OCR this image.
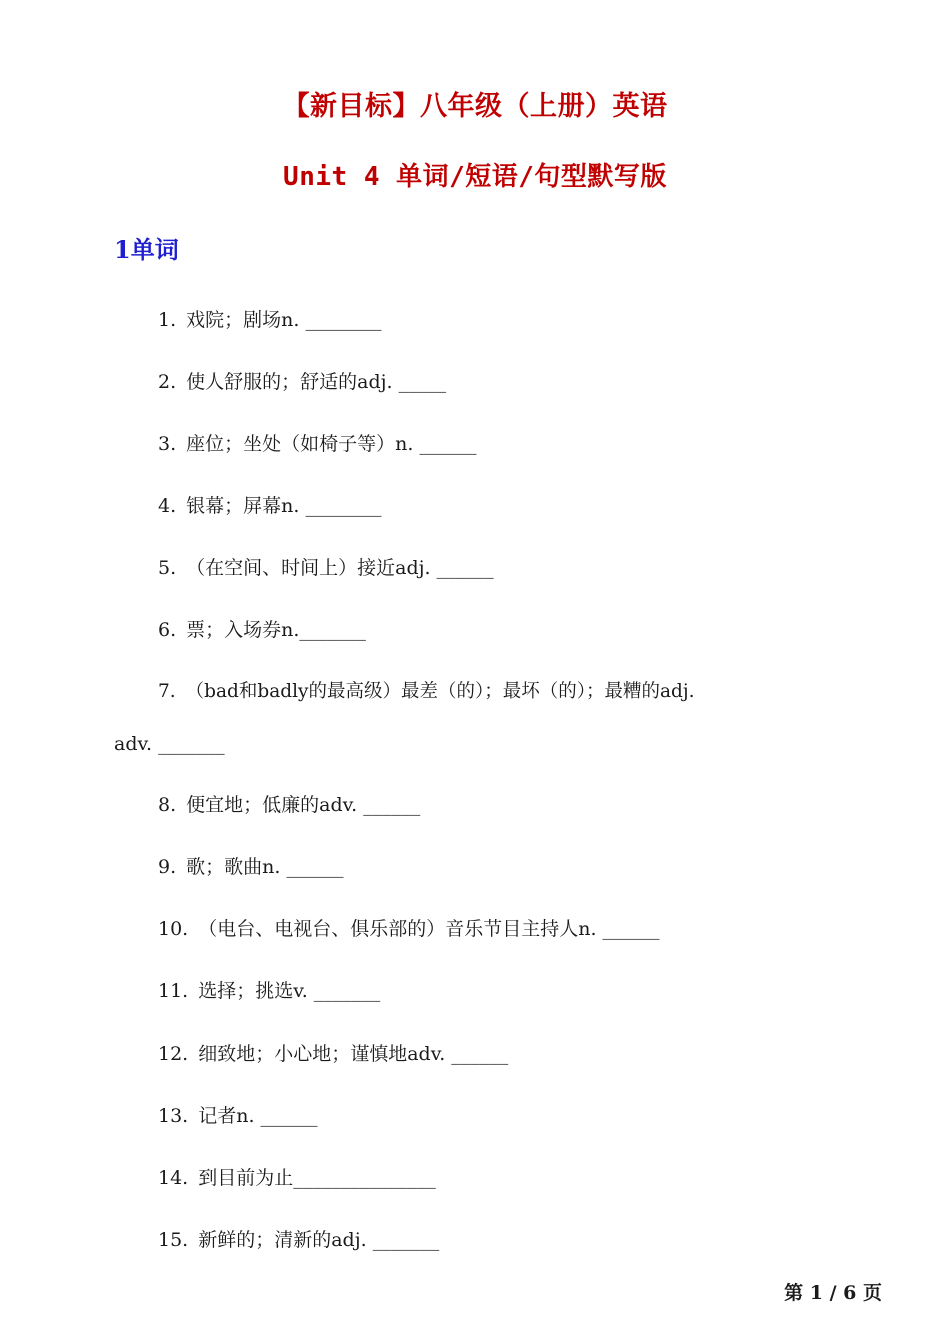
【新目标】八年级（上册）英语
Unit 4 单词/短语/句型默写版
1单词
1. 戏院；剧场n. ________
2. 使人舒服的；舒适的adj. _____
3. 座位；坐处（如椅子等）n. ______
4. 银幕；屏幕n. ________
5. （在空间、时间上）接近adj. ______
6. 票；入场券n._______
7. （bad和badly的最高级）最差（的）；最坏（的）；最糟的adj.
adv. _______
8. 便宜地；低廉的adv. ______
9. 歌；歌曲n. ______
10. （电台、电视台、俱乐部的）音乐节目主持人n. ______
11. 选择；挑选v. _______
12. 细致地；小心地；谨慎地adv. ______
13. 记者n. ______
14. 到目前为止_______________
15. 新鲜的；清新的adj. _______
第 1 / 6 页
